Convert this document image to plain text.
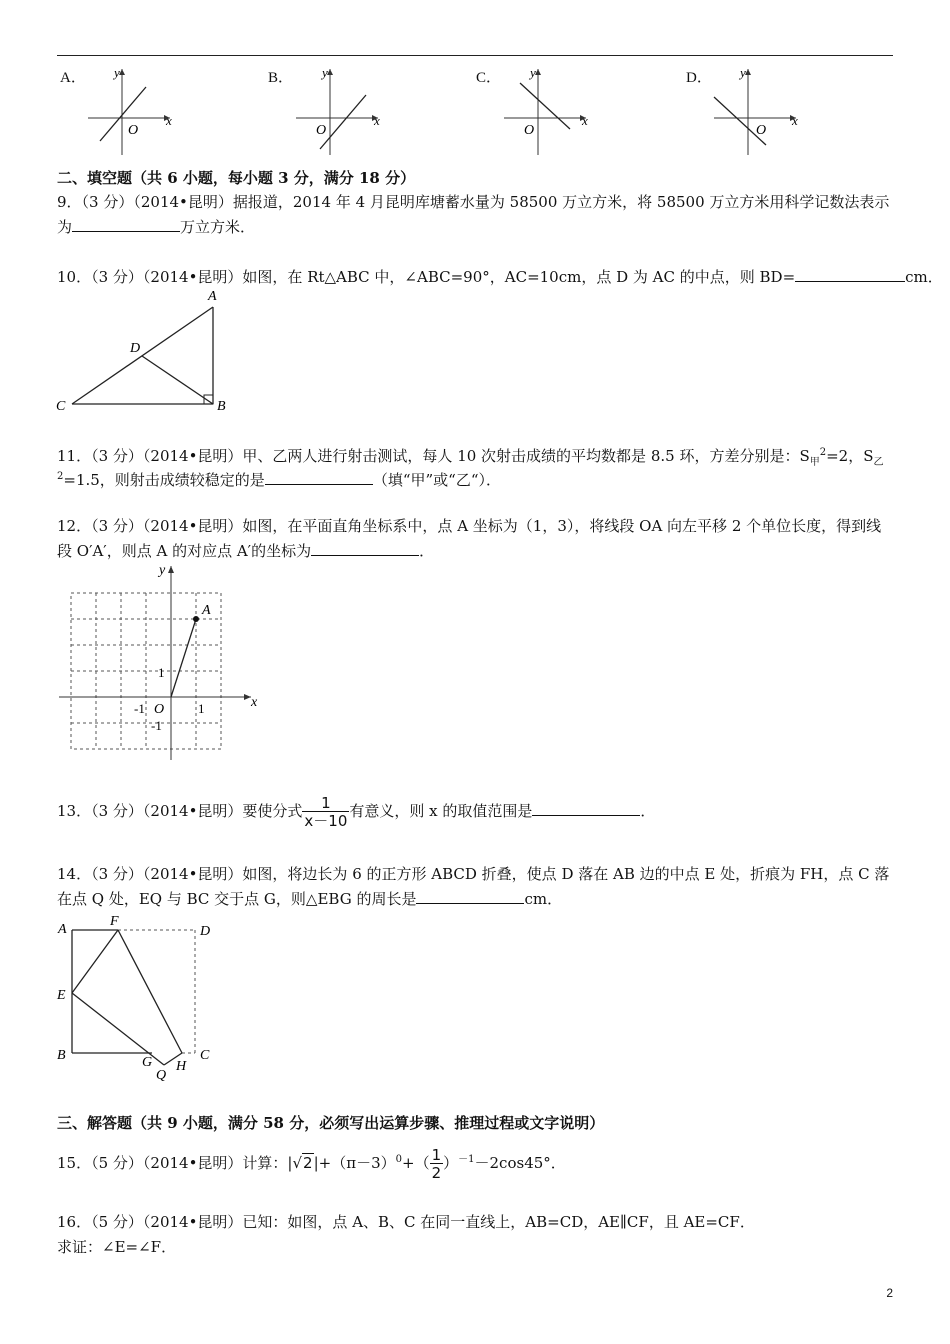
A．	B．	C．	D．
y
x
O
y
x
O
y
x
O
y
x
O
二、填空题（共 6 小题，每小题 3 分，满分 18 分）
9．（3 分）（2014•昆明）据报道，2014 年 4 月昆明库塘蓄水量为 58500 万立方米，将 58500 万立方米用科学记数法表示
为	万立方米．
10．（3 分）（2014•昆明）如图，在 Rt△ABC 中，∠ABC=90°，AC=10cm，点 D 为 AC 的中点，则 BD=	cm．
A
B
C
D
11．（3 分）（2014•昆明）甲、乙两人进行射击测试，每人 10 次射击成绩的平均数都是 8.5 环，方差分别是：$S_甲^2=2$，$S_乙$
$^2$=1.5，则射击成绩较稳定的是	（填“甲”或“乙“）．
12．（3 分）（2014•昆明）如图，在平面直角坐标系中，点 A 坐标为（1，3），将线段 OA 向左平移 2 个单位长度，得到线
段 O′A′，则点 A 的对应点 A′的坐标为	．
y
x
A
O
1
1
-1
-1
13．（3 分）（2014•昆明）要使分式 $\frac{1}{x-10}$ 有意义，则 x 的取值范围是	．
14．（3 分）（2014•昆明）如图，将边长为 6 的正方形 ABCD 折叠，使点 D 落在 AB 边的中点 E 处，折痕为 FH，点 C 落
在点 Q 处，EQ 与 BC 交于点 G，则△EBG 的周长是	cm．
A
F
D
E
B	G	C
H
Q
三、解答题（共 9 小题，满分 58 分，必须写出运算步骤、推理过程或文字说明）
15．（5 分）（2014•昆明）计算：$|√2|+(\pi-3)^0+( \frac{1}{2} )^{-1}-2\cos 45^\circ$．
16．（5 分）（2014•昆明）已知：如图，点 A、B、C 在同一直线上，AB=CD，AE∥CF，且 AE=CF．
求证：∠E=∠F．
2
